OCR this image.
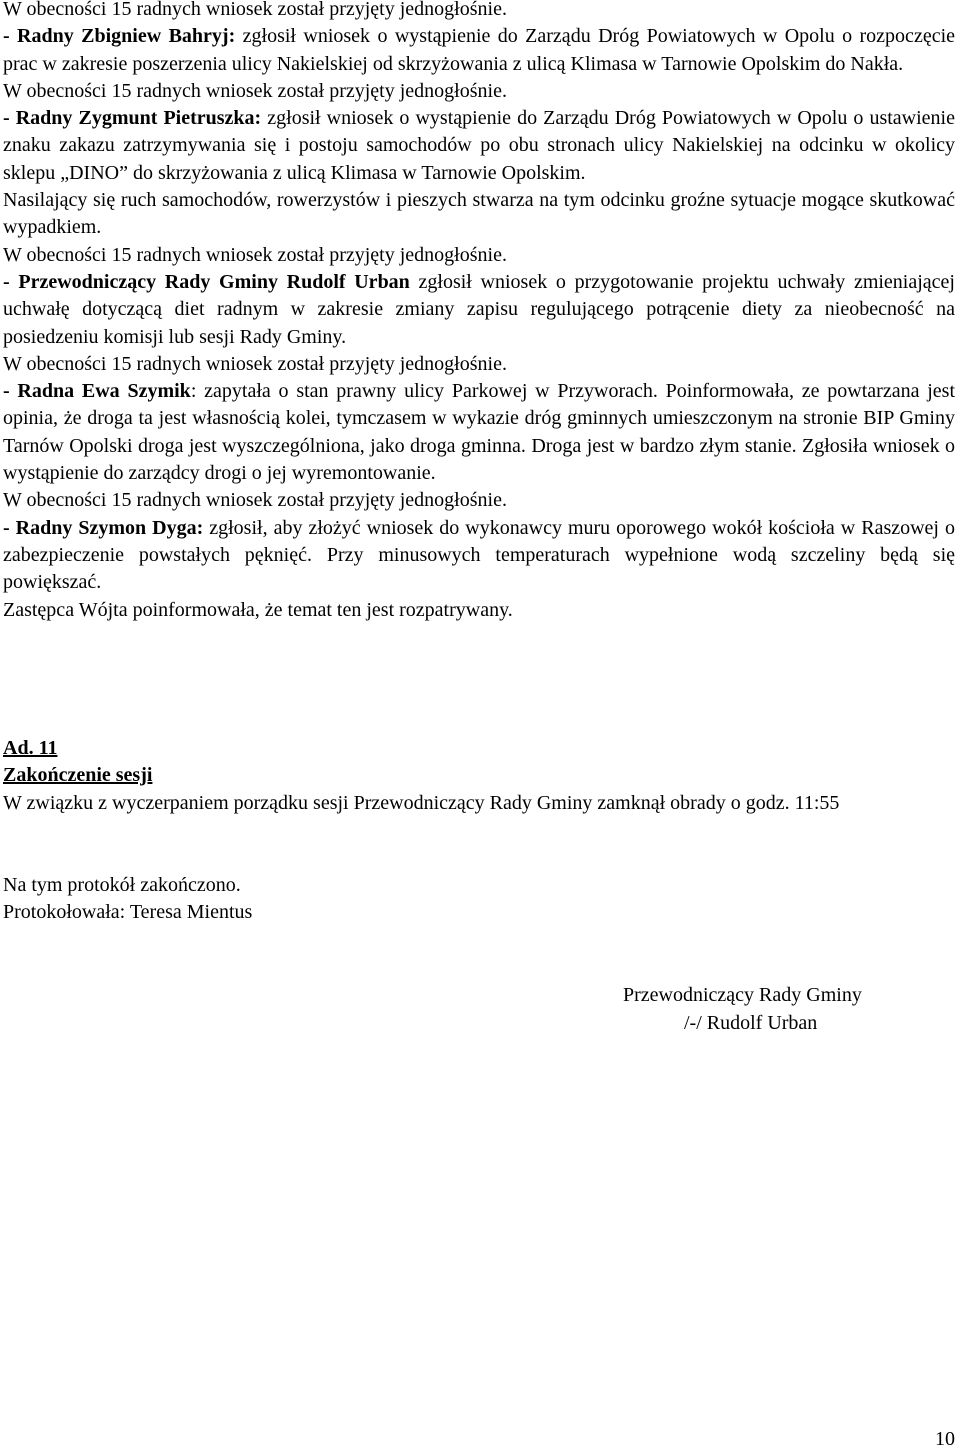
W obecności 15 radnych wniosek został przyjęty jednogłośnie.

- Radny Zbigniew Bahryj: zgłosił wniosek o wystąpienie do Zarządu Dróg Powiatowych w Opolu o rozpoczęcie prac w zakresie poszerzenia ulicy Nakielskiej od skrzyżowania z ulicą Klimasa w Tarnowie Opolskim do Nakła.

W obecności 15 radnych wniosek został przyjęty jednogłośnie.

- Radny Zygmunt Pietruszka: zgłosił wniosek o wystąpienie do Zarządu Dróg Powiatowych w Opolu o ustawienie znaku zakazu zatrzymywania się i postoju samochodów po obu stronach ulicy Nakielskiej na odcinku w okolicy sklepu „DINO” do skrzyżowania z ulicą Klimasa w Tarnowie Opolskim.

Nasilający się ruch samochodów, rowerzystów i pieszych stwarza na tym odcinku groźne sytuacje mogące skutkować wypadkiem.

W obecności 15 radnych wniosek został przyjęty jednogłośnie.

- Przewodniczący Rady Gminy Rudolf Urban zgłosił wniosek o przygotowanie projektu uchwały zmieniającej uchwałę dotyczącą diet radnym w zakresie zmiany zapisu regulującego potrącenie diety za nieobecność na posiedzeniu komisji lub sesji Rady Gminy.

W obecności 15 radnych wniosek został przyjęty jednogłośnie.

- Radna Ewa Szymik: zapytała o stan prawny ulicy Parkowej w Przyworach. Poinformowała, ze powtarzana jest opinia, że droga ta jest własnością kolei, tymczasem w wykazie dróg gminnych umieszczonym na stronie BIP Gminy Tarnów Opolski droga jest wyszczególniona, jako droga gminna. Droga jest w bardzo złym stanie. Zgłosiła wniosek o wystąpienie do zarządcy drogi o jej wyremontowanie.

W obecności 15 radnych wniosek został przyjęty jednogłośnie.

- Radny Szymon Dyga: zgłosił, aby złożyć wniosek do wykonawcy muru oporowego wokół kościoła w Raszowej o zabezpieczenie powstałych pęknięć. Przy minusowych temperaturach wypełnione wodą szczeliny będą się powiększać.

Zastępca Wójta poinformowała, że temat ten jest rozpatrywany.

Ad. 11

Zakończenie sesji

W związku z wyczerpaniem porządku sesji Przewodniczący Rady Gminy zamknął obrady o godz. 11:55

Na tym protokół zakończono.

Protokołowała: Teresa Mientus

Przewodniczący Rady Gminy

/-/ Rudolf Urban

10
